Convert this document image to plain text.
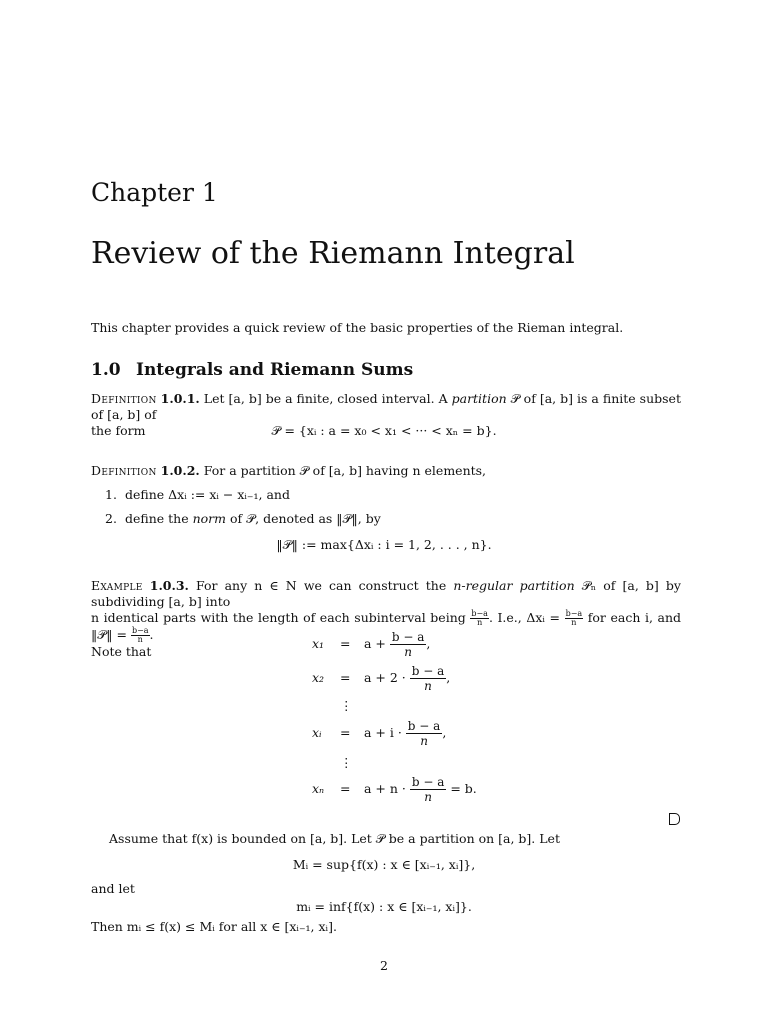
Chapter 1
Review of the Riemann Integral
This chapter provides a quick review of the basic properties of the Rieman integral.
1.0 Integrals and Riemann Sums
Definition 1.0.1. Let [a, b] be a finite, closed interval. A partition 𝒫 of [a, b] is a finite subset of [a, b] of
the form	𝒫 = {xᵢ : a = x₀ < x₁ < ··· < xₙ = b}.
Definition 1.0.2. For a partition 𝒫 of [a, b] having n elements,
1. define Δxᵢ := xᵢ − xᵢ₋₁, and
2. define the norm of 𝒫, denoted as ‖𝒫‖, by
‖𝒫‖ := max{Δxᵢ : i = 1, 2, . . . , n}.
Example 1.0.3. For any n ∈ N we can construct the n-regular partition 𝒫ₙ of [a, b] by subdividing [a, b] into
n identical parts with the length of each subinterval being $\frac{b-a}{n}$ . I.e., Δxᵢ = $\frac{b-a}{n}$ for each i, and ‖𝒫‖ = $\frac{b-a}{n}$ .
Note that
$x_1 = a + \frac{b - a}{n}$ ,
$x_2 = a + 2 \cdot \frac{b - a}{n}$ ,
⋮
xᵢ = $a + i \cdot \frac{b - a}{n}$ ,
⋮
$x_n = a + n \cdot \frac{b - a}{n} = b$.
Assume that f(x) is bounded on [a, b]. Let 𝒫 be a partition on [a, b]. Let
Mᵢ = sup{f(x) : x ∈ [xᵢ₋₁, xᵢ]},
and let
mᵢ = inf{f(x) : x ∈ [xᵢ₋₁, xᵢ]}.
Then mᵢ ≤ f(x) ≤ Mᵢ for all x ∈ [xᵢ₋₁, xᵢ].
2
